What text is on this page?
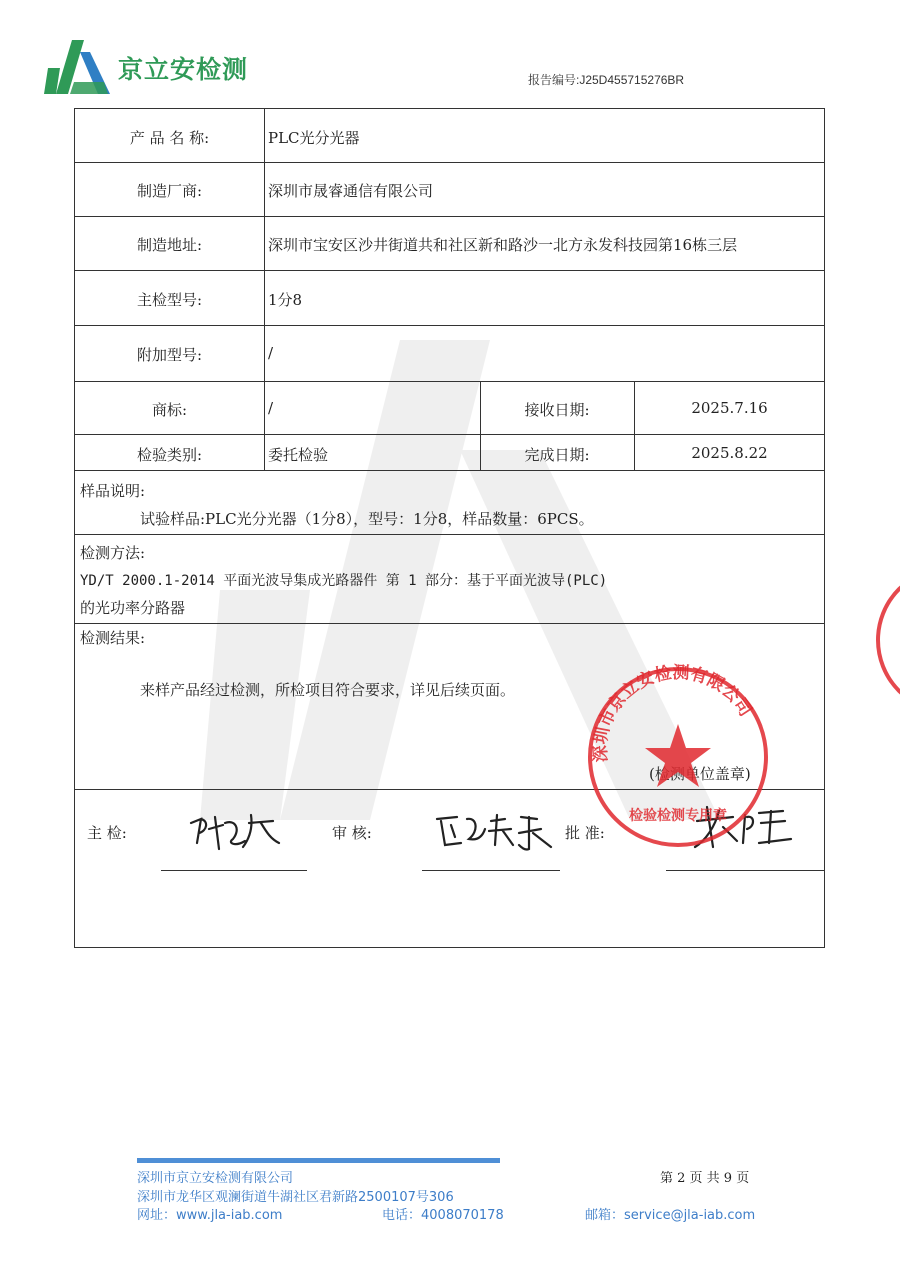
京立安检测	报告编号:J25D455715276BR
产 品 名 称:	PLC光分光器
制造厂商:	深圳市晟睿通信有限公司
制造地址:	深圳市宝安区沙井街道共和社区新和路沙一北方永发科技园第16栋三层
主检型号:	1分8
附加型号:	/
商标:	/	接收日期:	2025.7.16
检验类别:	委托检验	完成日期:	2025.8.22
样品说明:
试验样品:PLC光分光器（1分8），型号：1分8，样品数量：6PCS。
检测方法:
YD/T 2000.1-2014 平面光波导集成光路器件 第 1 部分：基于平面光波导(PLC)
的光功率分路器
检测结果:
来样产品经过检测，所检项目符合要求，详见后续页面。
(检测单位盖章)
主 检:	审 核:	批 准:
深圳市京立安检测有限公司
检验检测专用章
深圳市京立安检测有限公司
深圳市龙华区观澜街道牛湖社区君新路2500107号306
网址：www.jla-iab.com	电话：4008070178	邮箱：service@jla-iab.com
第 2 页 共 9 页
